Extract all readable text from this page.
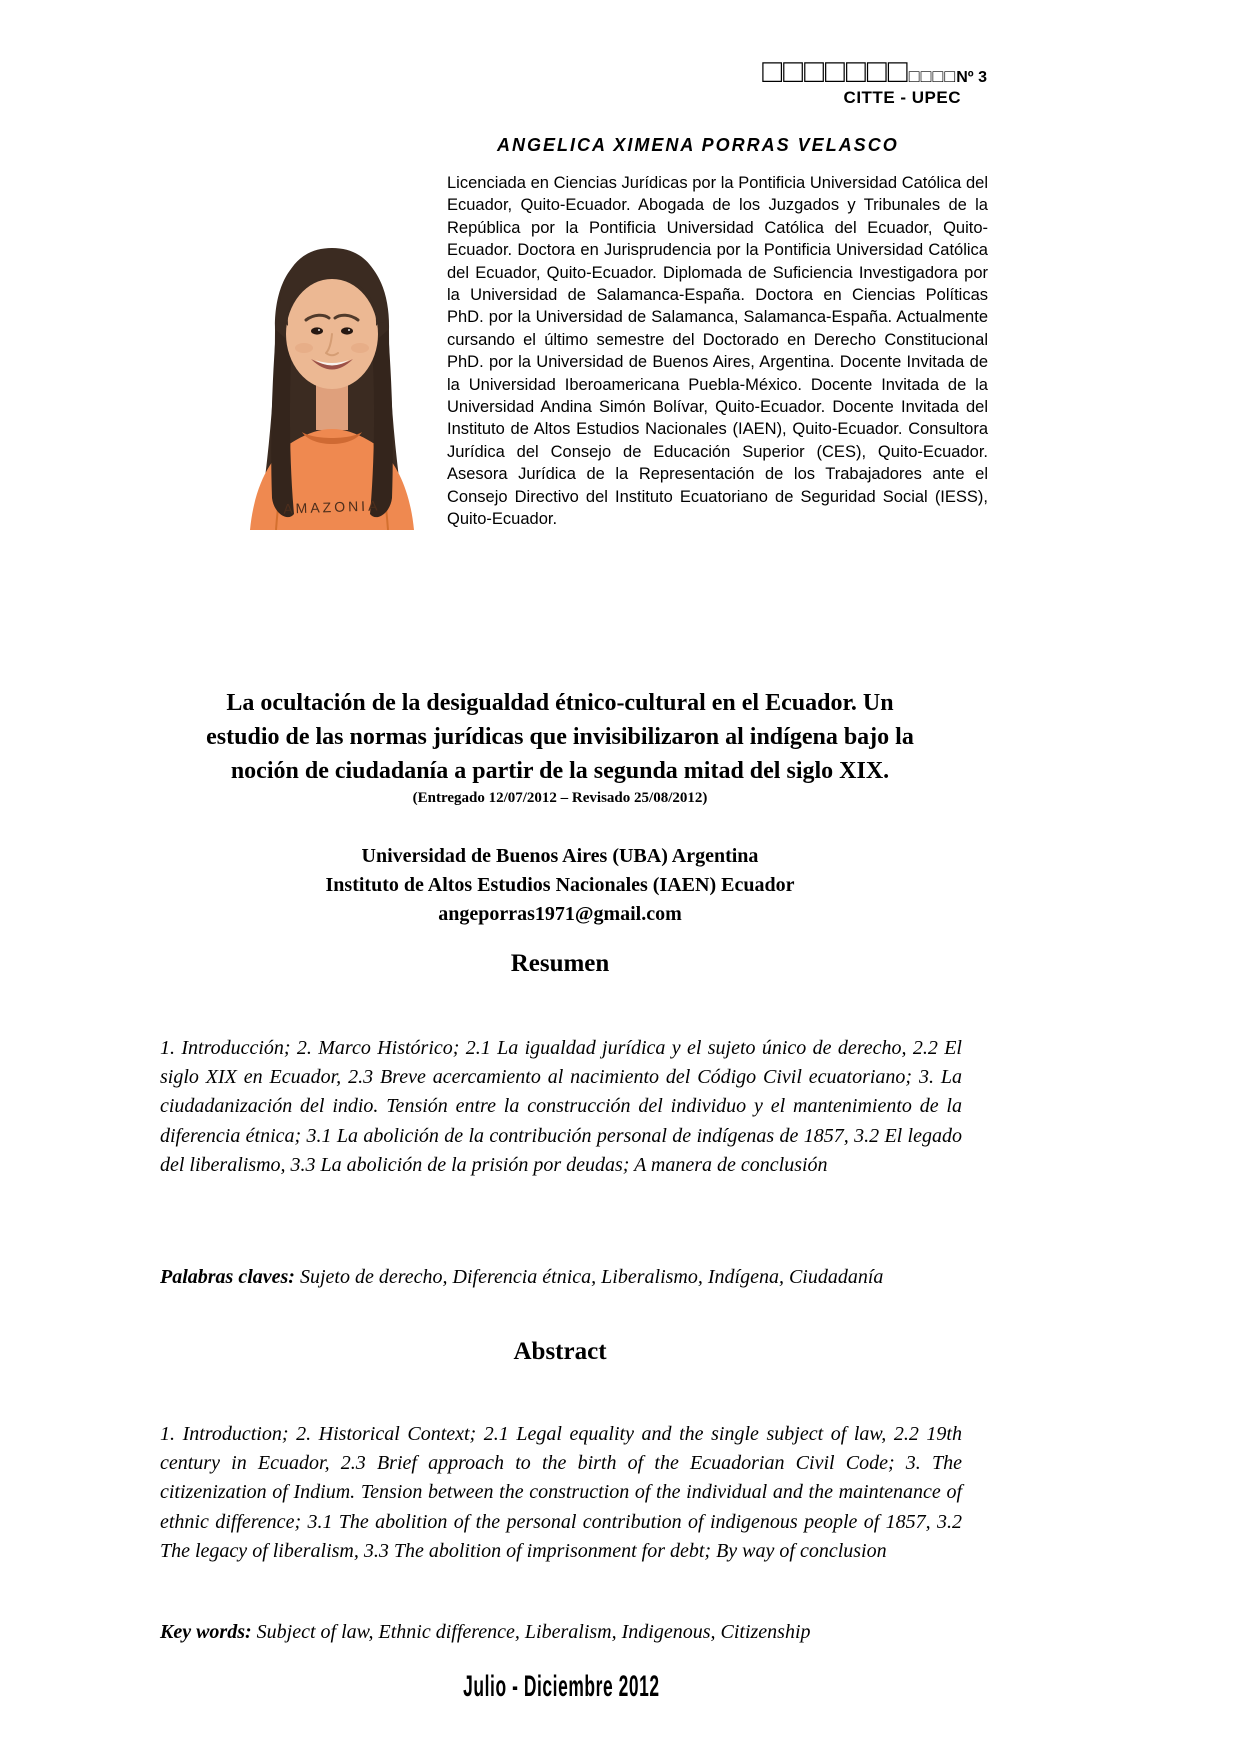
□□□□□□□□□□□Nº 3
CITTE - UPEC
ANGELICA XIMENA PORRAS VELASCO
AMAZONIA
Licenciada en Ciencias Jurídicas por la Pontificia Universidad Católica del Ecuador, Quito-Ecuador. Abogada de los Juzgados y Tribunales de la República por la Pontificia Universidad Católica del Ecuador, Quito-Ecuador. Doctora en Jurisprudencia por la Pontificia Universidad Católica del Ecuador, Quito-Ecuador. Diplomada de Suficiencia Investigadora por la Universidad de Salamanca-España. Doctora en Ciencias Políticas PhD. por la Universidad de Salamanca, Salamanca-España. Actualmente cursando el último semestre del Doctorado en Derecho Constitucional PhD. por la Universidad de Buenos Aires, Argentina. Docente Invitada de la Universidad Iberoamericana Puebla-México. Docente Invitada de la Universidad Andina Simón Bolívar, Quito-Ecuador. Docente Invitada del Instituto de Altos Estudios Nacionales (IAEN), Quito-Ecuador. Consultora Jurídica del Consejo de Educación Superior (CES), Quito-Ecuador. Asesora Jurídica de la Representación de los Trabajadores ante el Consejo Directivo del Instituto Ecuatoriano de Seguridad Social (IESS), Quito-Ecuador.
La ocultación de la desigualdad étnico-cultural en el Ecuador. Un
estudio de las normas jurídicas que invisibilizaron al indígena bajo la
noción de ciudadanía a partir de la segunda mitad del siglo XIX.
(Entregado 12/07/2012 – Revisado 25/08/2012)
Universidad de Buenos Aires (UBA) Argentina
Instituto de Altos Estudios Nacionales (IAEN) Ecuador
angeporras1971@gmail.com
Resumen
1. Introducción; 2. Marco Histórico; 2.1 La igualdad jurídica y el sujeto único de derecho, 2.2 El siglo XIX en Ecuador, 2.3 Breve acercamiento al nacimiento del Código Civil ecuatoriano; 3. La ciudadanización del indio. Tensión entre la construcción del individuo y el mantenimiento de la diferencia étnica; 3.1 La abolición de la contribución personal de indígenas de 1857, 3.2 El legado del liberalismo, 3.3 La abolición de la prisión por deudas; A manera de conclusión
Palabras claves: Sujeto de derecho, Diferencia étnica, Liberalismo, Indígena, Ciudadanía
Abstract
1. Introduction; 2. Historical Context; 2.1 Legal equality and the single subject of law, 2.2 19th century in Ecuador, 2.3 Brief approach to the birth of the Ecuadorian Civil Code; 3. The citizenization of Indium. Tension between the construction of the individual and the maintenance of ethnic difference; 3.1 The abolition of the personal contribution of indigenous people of 1857, 3.2 The legacy of liberalism, 3.3 The abolition of imprisonment for debt; By way of conclusion
Key words: Subject of law, Ethnic difference, Liberalism, Indigenous, Citizenship
Julio - Diciembre 2012
